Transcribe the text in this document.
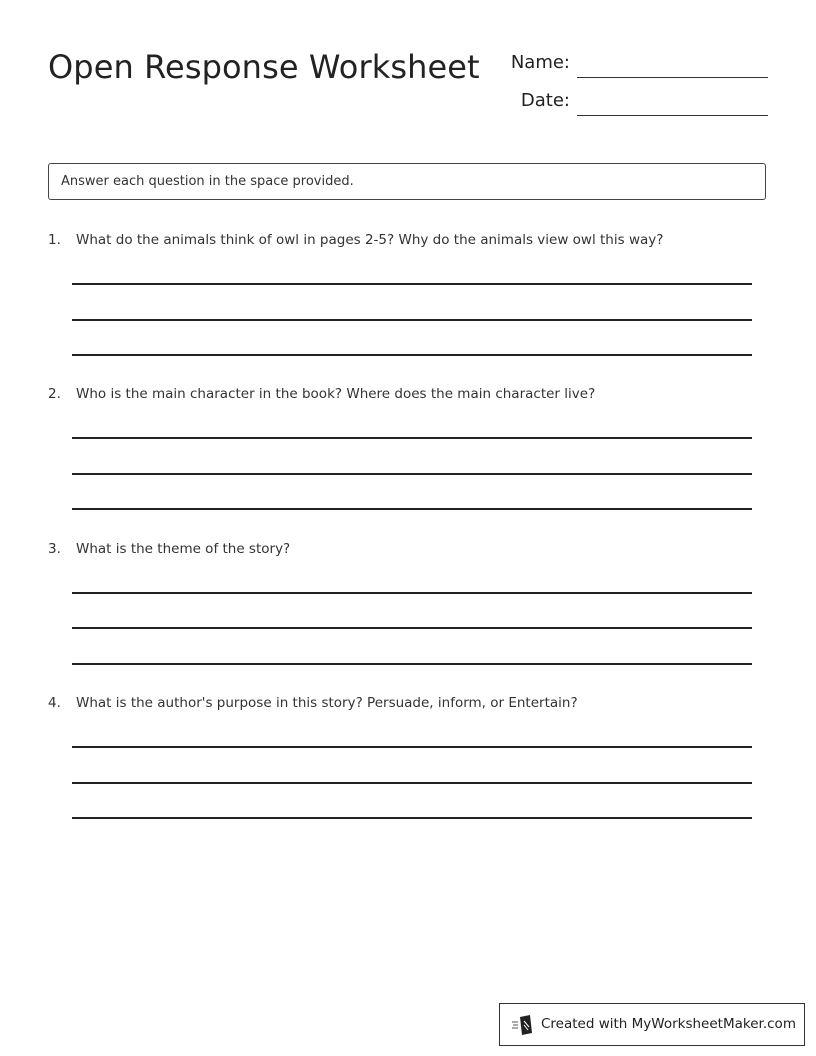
Open Response Worksheet	Name:
Date:
Answer each question in the space provided.
1. What do the animals think of owl in pages 2-5? Why do the animals view owl this way?
2. Who is the main character in the book? Where does the main character live?
3. What is the theme of the story?
4. What is the author's purpose in this story? Persuade, inform, or Entertain?
Created with MyWorksheetMaker.com
